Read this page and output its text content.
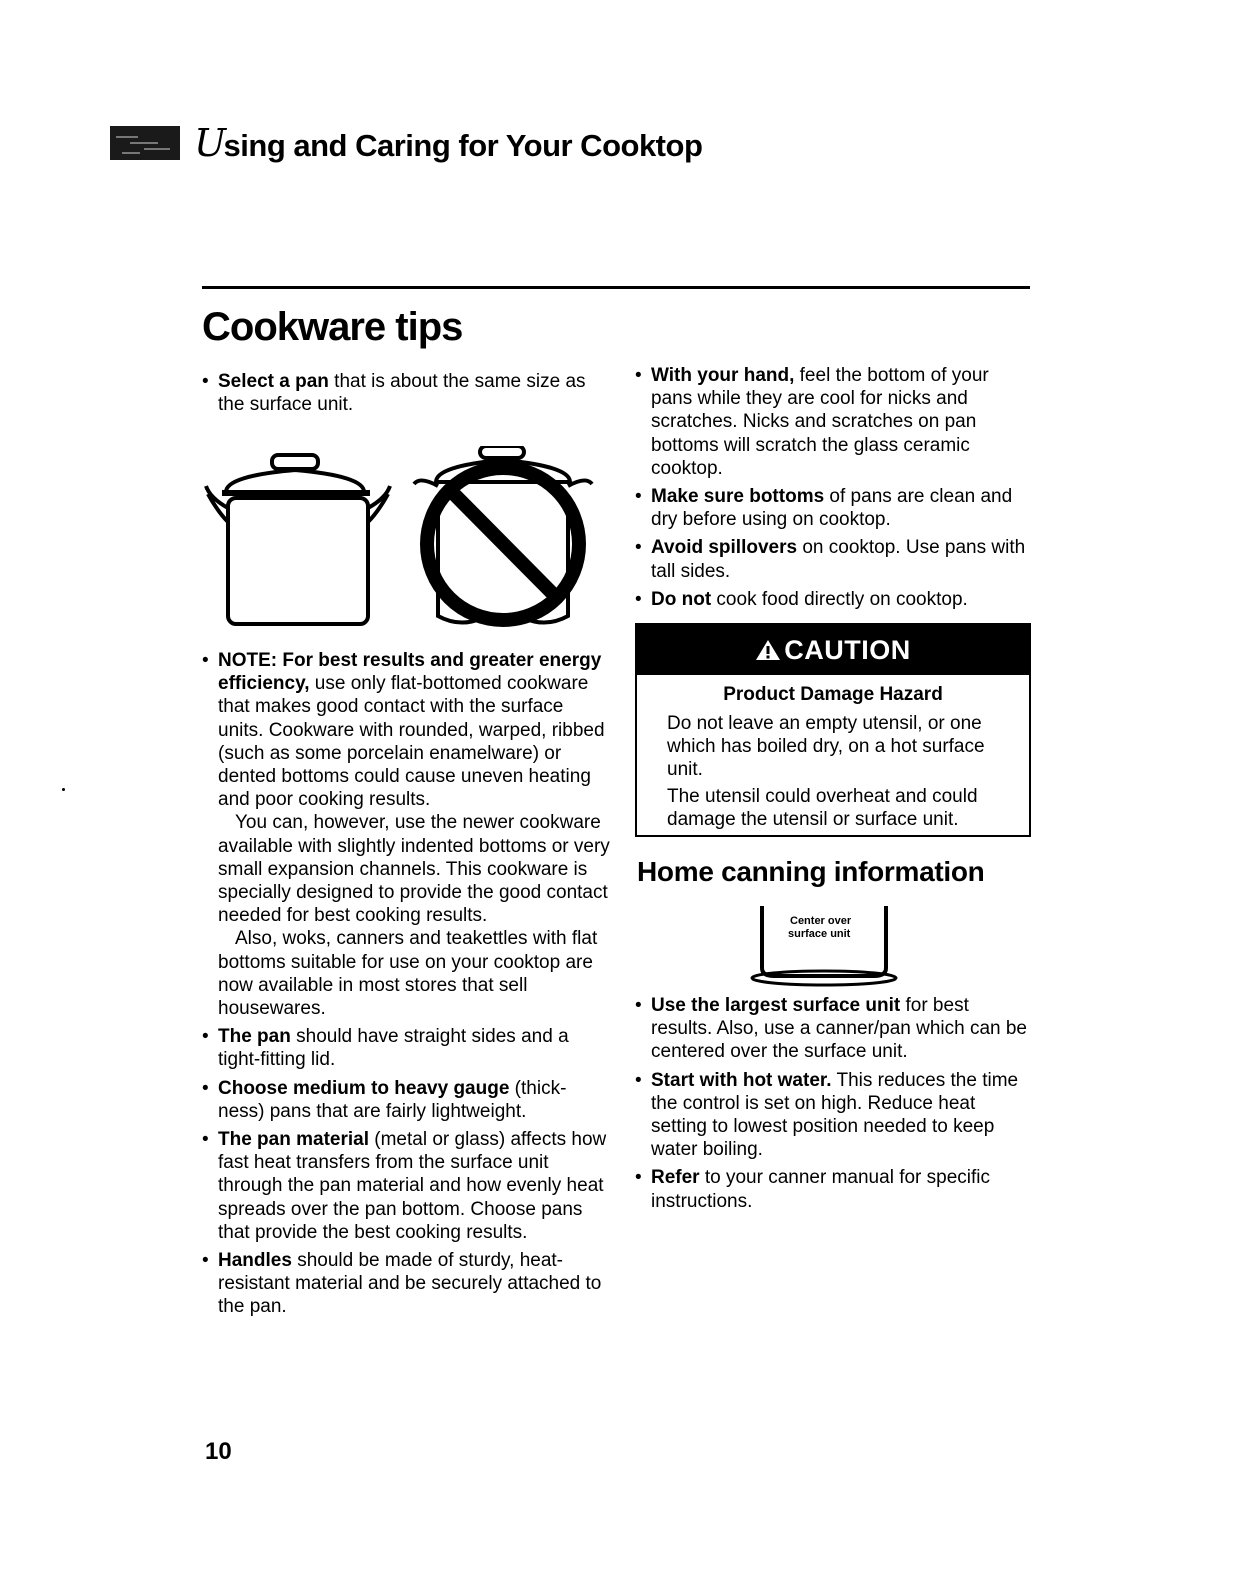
Using and Caring for Your Cooktop
Cookware tips

• Select a pan that is about the same size as the surface unit.

• NOTE: For best results and greater energy efficiency, use only flat-bottomed cookware that makes good contact with the surface units. Cookware with rounded, warped, ribbed (such as some porcelain enamelware) or dented bottoms could cause uneven heating and poor cooking results.

You can, however, use the newer cookware available with slightly indented bottoms or very small expansion channels. This cookware is specially designed to provide the good contact needed for best cooking results.

Also, woks, canners and teakettles with flat bottoms suitable for use on your cooktop are now available in most stores that sell housewares.

• The pan should have straight sides and a tight-fitting lid.

• Choose medium to heavy gauge (thick-ness) pans that are fairly lightweight.

• The pan material (metal or glass) affects how fast heat transfers from the surface unit through the pan material and how evenly heat spreads over the pan bottom. Choose pans that provide the best cooking results.

• Handles should be made of sturdy, heat-resistant material and be securely attached to the pan.

• With your hand, feel the bottom of your pans while they are cool for nicks and scratches. Nicks and scratches on pan bottoms will scratch the glass ceramic cooktop.

• Make sure bottoms of pans are clean and dry before using on cooktop.

• Avoid spillovers on cooktop. Use pans with tall sides.

• Do not cook food directly on cooktop.

CAUTION
Product Damage Hazard

Do not leave an empty utensil, or one which has boiled dry, on a hot surface unit.

The utensil could overheat and could damage the utensil or surface unit.

Home canning information
Center over
surface unit

• Use the largest surface unit for best results. Also, use a canner/pan which can be centered over the surface unit.

• Start with hot water. This reduces the time the control is set on high. Reduce heat setting to lowest position needed to keep water boiling.

• Refer to your canner manual for specific instructions.

10
